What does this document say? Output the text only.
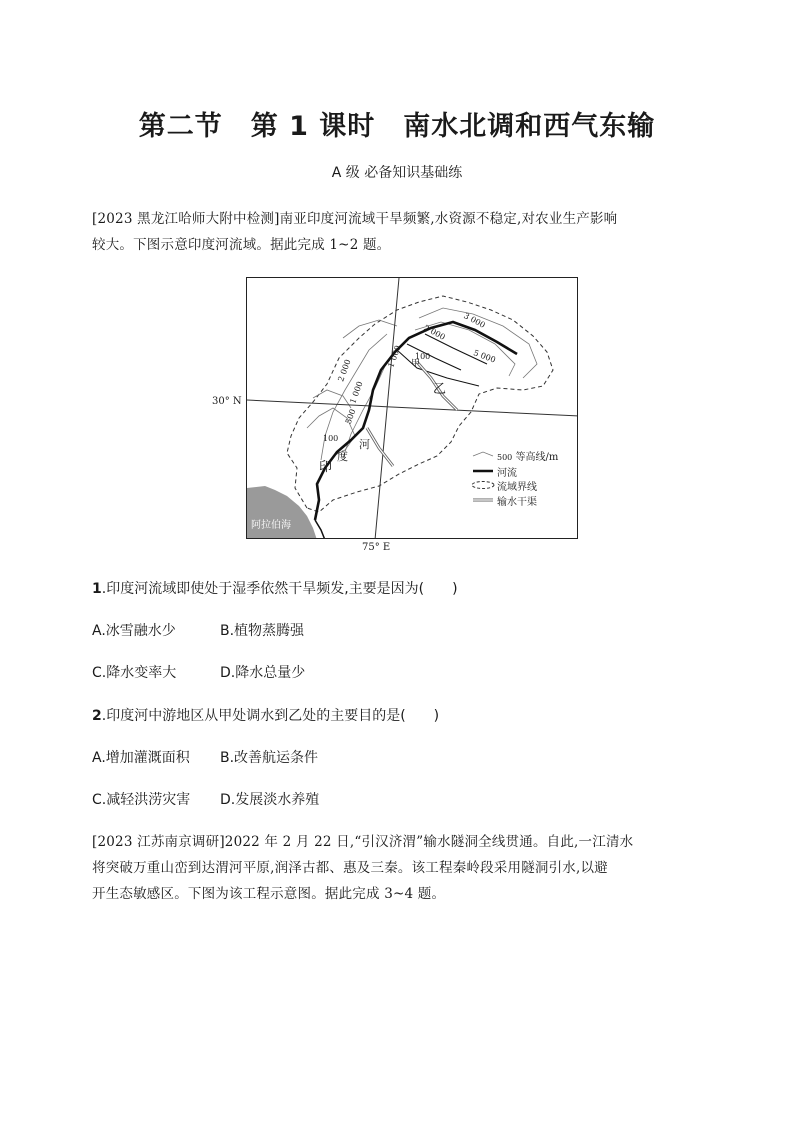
第二节　第 1 课时　南水北调和西气东输
A 级 必备知识基础练
[2023 黑龙江哈师大附中检测]南亚印度河流域干旱频繁,水资源不稳定,对农业生产影响
较大。下图示意印度河流域。据此完成 1~2 题。
阿拉伯海
印
度
河
甲
乙
3 000
5 000
2 000
1 000 100
2 000
1 000
500
100
500 等高线/m
河流
流域界线
输水干渠
30° N
75° E
1.印度河流域即使处于湿季依然干旱频发,主要是因为(　　)
A.冰雪融水少	B.植物蒸腾强
C.降水变率大	D.降水总量少
2.印度河中游地区从甲处调水到乙处的主要目的是(　　)
A.增加灌溉面积 B.改善航运条件
C.减轻洪涝灾害 D.发展淡水养殖
[2023 江苏南京调研]2022 年 2 月 22 日,“引汉济渭”输水隧洞全线贯通。自此,一江清水
将突破万重山峦到达渭河平原,润泽古都、惠及三秦。该工程秦岭段采用隧洞引水,以避
开生态敏感区。下图为该工程示意图。据此完成 3~4 题。
